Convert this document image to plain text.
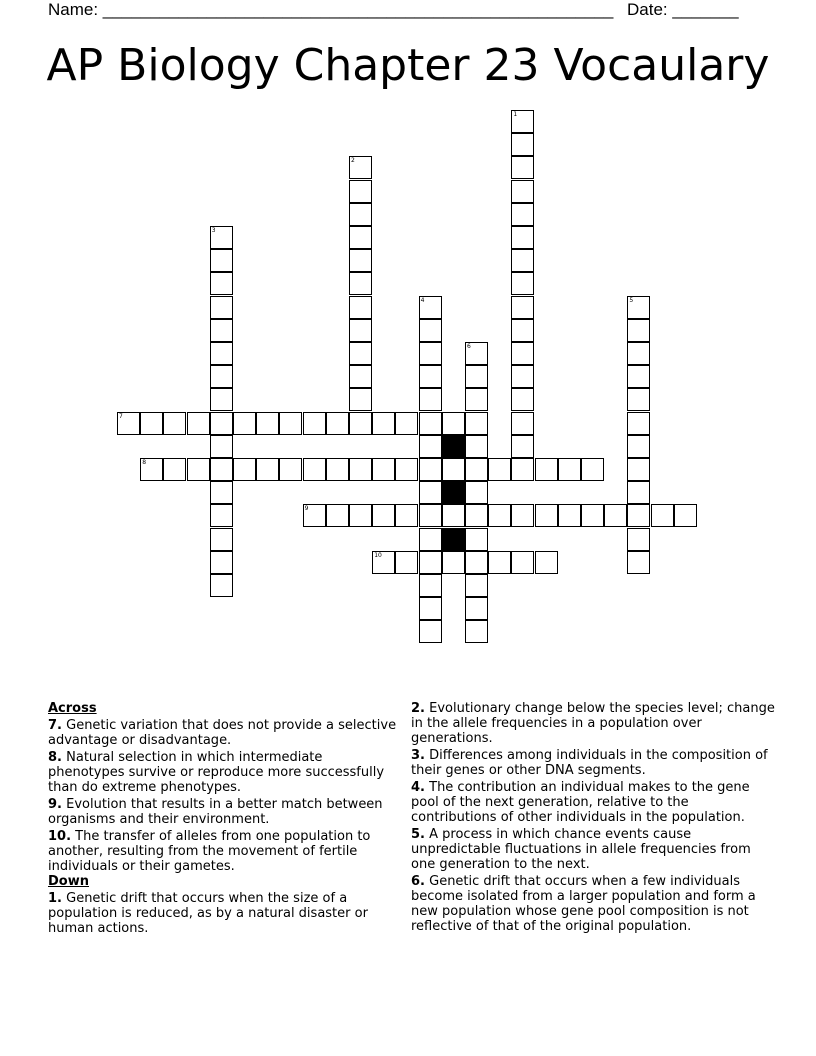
Name: ______________________________________________________ Date: _______
AP Biology Chapter 23 Vocaulary
1
2
3
4	5
6
7
8
9
10
Across
7. Genetic variation that does not provide a selective advantage or disadvantage.
8. Natural selection in which intermediate phenotypes survive or reproduce more successfully than do extreme phenotypes.
9. Evolution that results in a better match between organisms and their environment.
10. The transfer of alleles from one population to another, resulting from the movement of fertile individuals or their gametes.
Down
1. Genetic drift that occurs when the size of a population is reduced, as by a natural disaster or human actions.
2. Evolutionary change below the species level; change in the allele frequencies in a population over generations.
3. Differences among individuals in the composition of their genes or other DNA segments.
4. The contribution an individual makes to the gene pool of the next generation, relative to the contributions of other individuals in the population.
5. A process in which chance events cause unpredictable fluctuations in allele frequencies from one generation to the next.
6. Genetic drift that occurs when a few individuals become isolated from a larger population and form a new population whose gene pool composition is not reflective of that of the original population.
